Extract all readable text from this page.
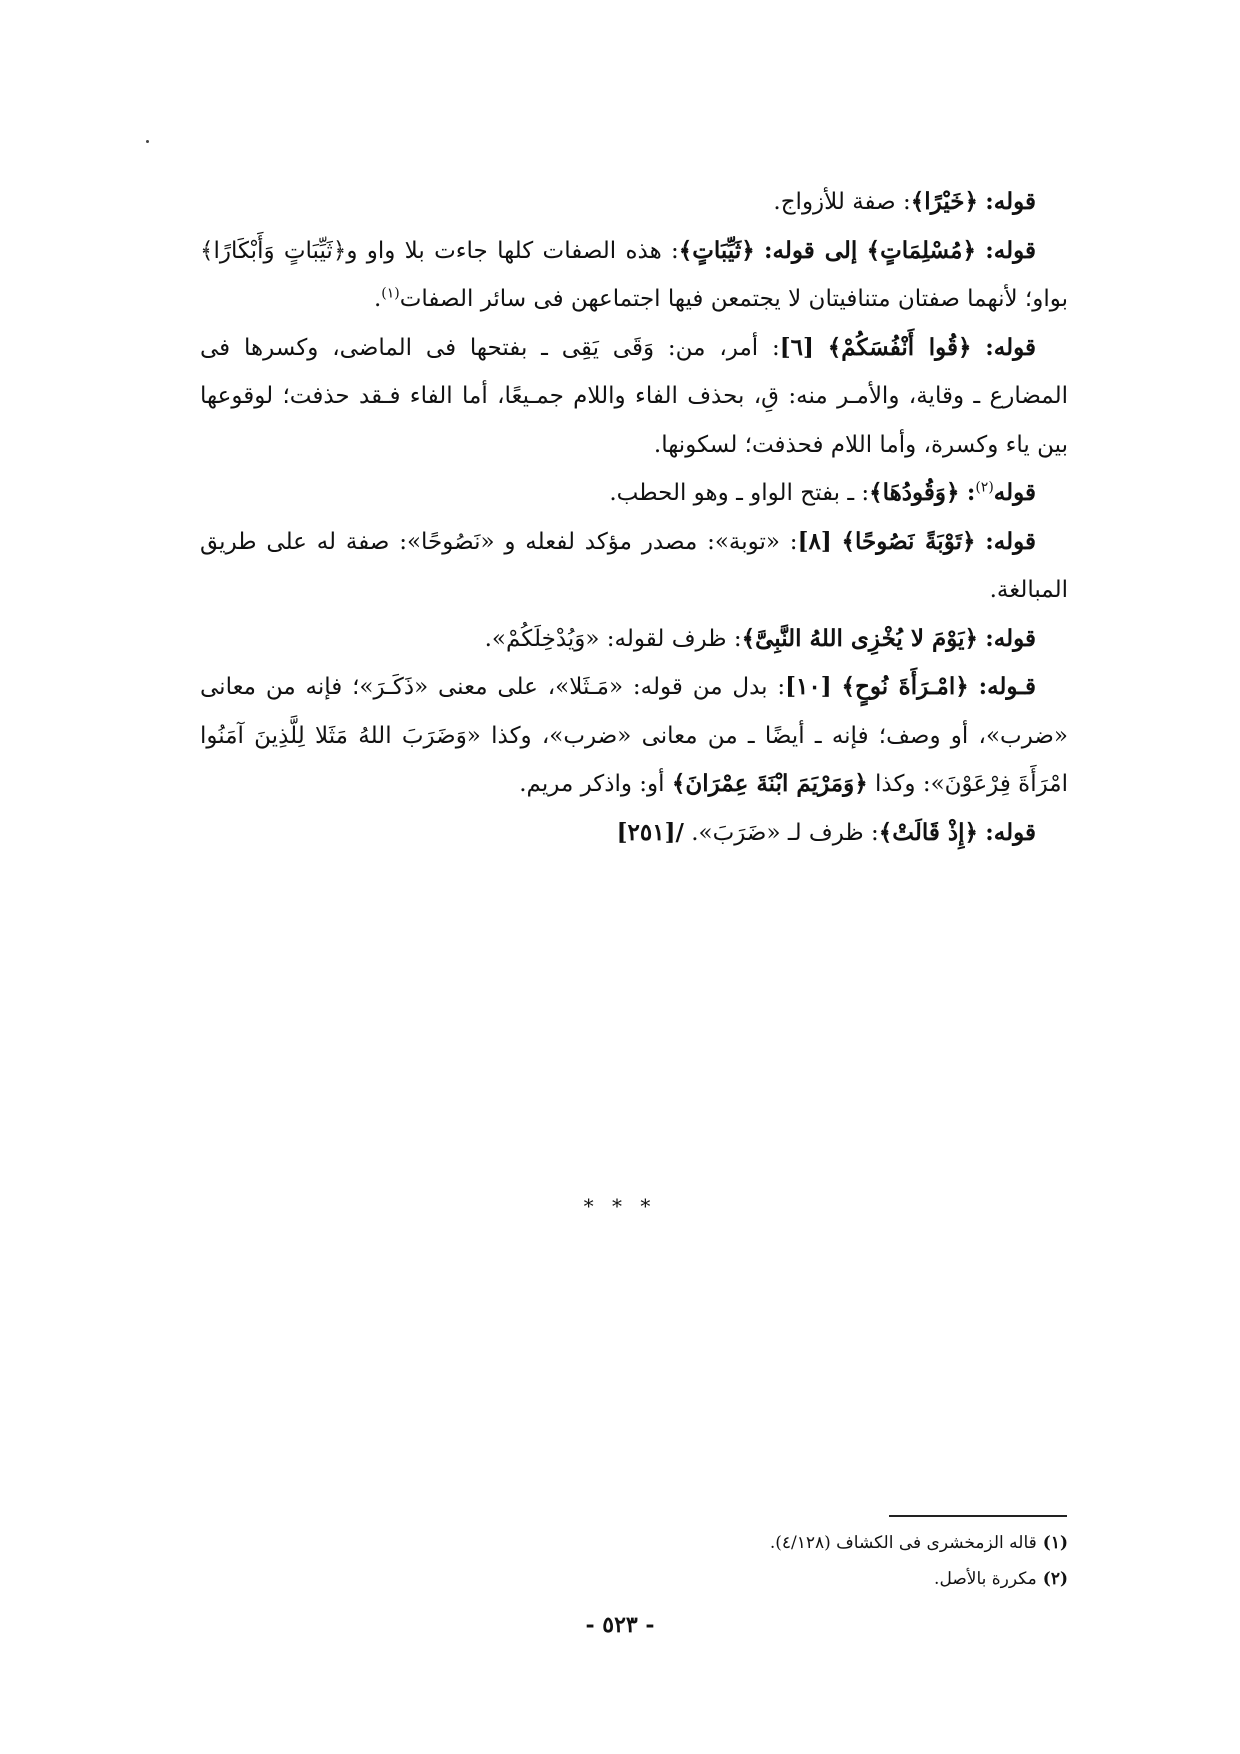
قوله: ﴿خَيْرًا﴾: صفة للأزواج.

قوله: ﴿مُسْلِمَاتٍ﴾ إلى قوله: ﴿ثَيِّبَاتٍ﴾: هذه الصفات كلها جاءت بلا واو و﴿ثَيِّبَاتٍ وَأَبْكَارًا﴾ بواو؛ لأنهما صفتان متنافيتان لا يجتمعن فيها اجتماعهن فى سائر الصفات$^{(١)}$.

قوله: ﴿قُوا أَنْفُسَكُمْ﴾ [٦]: أمر، من: وَقَى يَقِى ـ بفتحها فى الماضى، وكسرها فى المضارع ـ وقاية، والأمـر منه: قِ، بحذف الفاء واللام جمـيعًا، أما الفاء فـقد حذفت؛ لوقوعها بين ياء وكسرة، وأما اللام فحذفت؛ لسكونها.

قوله$^{(٢)}$: ﴿وَقُودُهَا﴾: ـ بفتح الواو ـ وهو الحطب.

قوله: ﴿تَوْبَةً نَصُوحًا﴾ [٨]: «توبة»: مصدر مؤكد لفعله و «نَصُوحًا»: صفة له على طريق المبالغة.

قوله: ﴿يَوْمَ لا يُخْزِى اللهُ النَّبِىَّ﴾: ظرف لقوله: «وَيُدْخِلَكُمْ».

قـوله: ﴿امْـرَأَةَ نُوحٍ﴾ [١٠]: بدل من قوله: «مَـثَلا»، على معنى «ذَكَـرَ»؛ فإنه من معانى «ضرب»، أو وصف؛ فإنه ـ أيضًا ـ من معانى «ضرب»، وكذا «وَضَرَبَ اللهُ مَثَلا لِلَّذِينَ آمَنُوا امْرَأَةَ فِرْعَوْنَ»: وكذا ﴿وَمَرْيَمَ ابْنَةَ عِمْرَانَ﴾ أو: واذكر مريم.

قوله: ﴿إِذْ قَالَتْ﴾: ظرف لـ «ضَرَبَ». /[٢٥١]

* * *

(١)قاله الزمخشرى فى الكشاف (٤/١٢٨).

(٢)مكررة بالأصل.

- ٥٢٣ -
